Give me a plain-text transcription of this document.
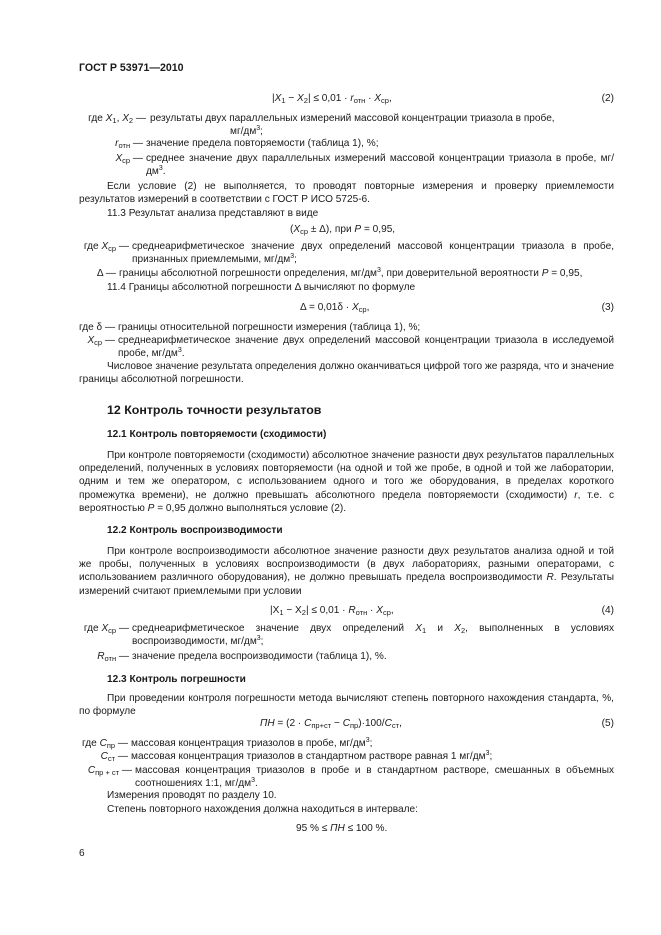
ГОСТ Р 53971—2010
$|X_1 - X_2| \le 0,01 \cdot r_{отн} \cdot X_{ср}$,	(2)
где $X_1$, $X_2$ — результаты двух параллельных измерений массовой концентрации триазола в пробе,
$мг/дм^3$;
$r_{отн}$ — значение предела повторяемости (таблица 1), %;
$X_{ср}$ — среднее значение двух параллельных измерений массовой концентрации триазола в пробе, $мг/дм^3$.
Если условие (2) не выполняется, то проводят повторные измерения и проверку приемлемости результатов измерений в соответствии с ГОСТ Р ИСО 5725-6.
11.3 Результат анализа представляют в виде
$(X_{ср} \pm \Delta)$, при P = 0,95,
где $X_{ср}$ — среднеарифметическое значение двух определений массовой концентрации триазола в пробе, признанных приемлемыми, $мг/дм^3$;
Δ — границы абсолютной погрешности определения, $мг/дм^3$, при доверительной вероятности P = 0,95,
11.4 Границы абсолютной погрешности Δ вычисляют по формуле
$\Delta = 0,01\delta \cdot X_{ср}$,	(3)
где δ — границы относительной погрешности измерения (таблица 1), %;
$X_{ср}$ — среднеарифметическое значение двух определений массовой концентрации триазола в исследуемой пробе, $мг/дм^3$.
Числовое значение результата определения должно оканчиваться цифрой того же разряда, что и значение границы абсолютной погрешности.
12 Контроль точности результатов
12.1 Контроль повторяемости (сходимости)
При контроле повторяемости (сходимости) абсолютное значение разности двух результатов параллельных определений, полученных в условиях повторяемости (на одной и той же пробе, в одной и той же лаборатории, одним и тем же оператором, с использованием одного и того же оборудования, в пределах короткого промежутка времени), не должно превышать абсолютного предела повторяемости (сходимости) r, т.е. с вероятностью P = 0,95 должно выполняться условие (2).
12.2 Контроль воспроизводимости
При контроле воспроизводимости абсолютное значение разности двух результатов анализа одной и той же пробы, полученных в условиях воспроизводимости (в двух лабораториях, разными операторами, с использованием различного оборудования), не должно превышать предела воспроизводимости R. Результаты измерений считают приемлемыми при условии
$|X_1 - X_2| \le 0,01 \cdot R_{отн} \cdot X_{ср}$,	(4)
где $X_{ср}$ — среднеарифметическое значение двух определений $X_1$ и $X_2$, выполненных в условиях воспроизводимости, $мг/дм^3$;
$R_{отн}$ — значение предела воспроизводимости (таблица 1), %.
12.3 Контроль погрешности
При проведении контроля погрешности метода вычисляют степень повторного нахождения стандарта, %, по формуле
ПН = $(2 \cdot C_{пр+ст} - C_{пр})\cdot 100/C_{ст}$,	(5)
где $C_{пр}$ — массовая концентрация триазолов в пробе, $мг/дм^3$;
$C_{ст}$ — массовая концентрация триазолов в стандартном растворе равная 1 $мг/дм^3$;
$C_{пр + ст}$ — массовая концентрация триазолов в пробе и в стандартном растворе, смешанных в объемных соотношениях 1:1, $мг/дм^3$.
Измерения проводят по разделу 10.
Степень повторного нахождения должна находиться в интервале:
95 % ≤ ПН ≤ 100 %.
6
